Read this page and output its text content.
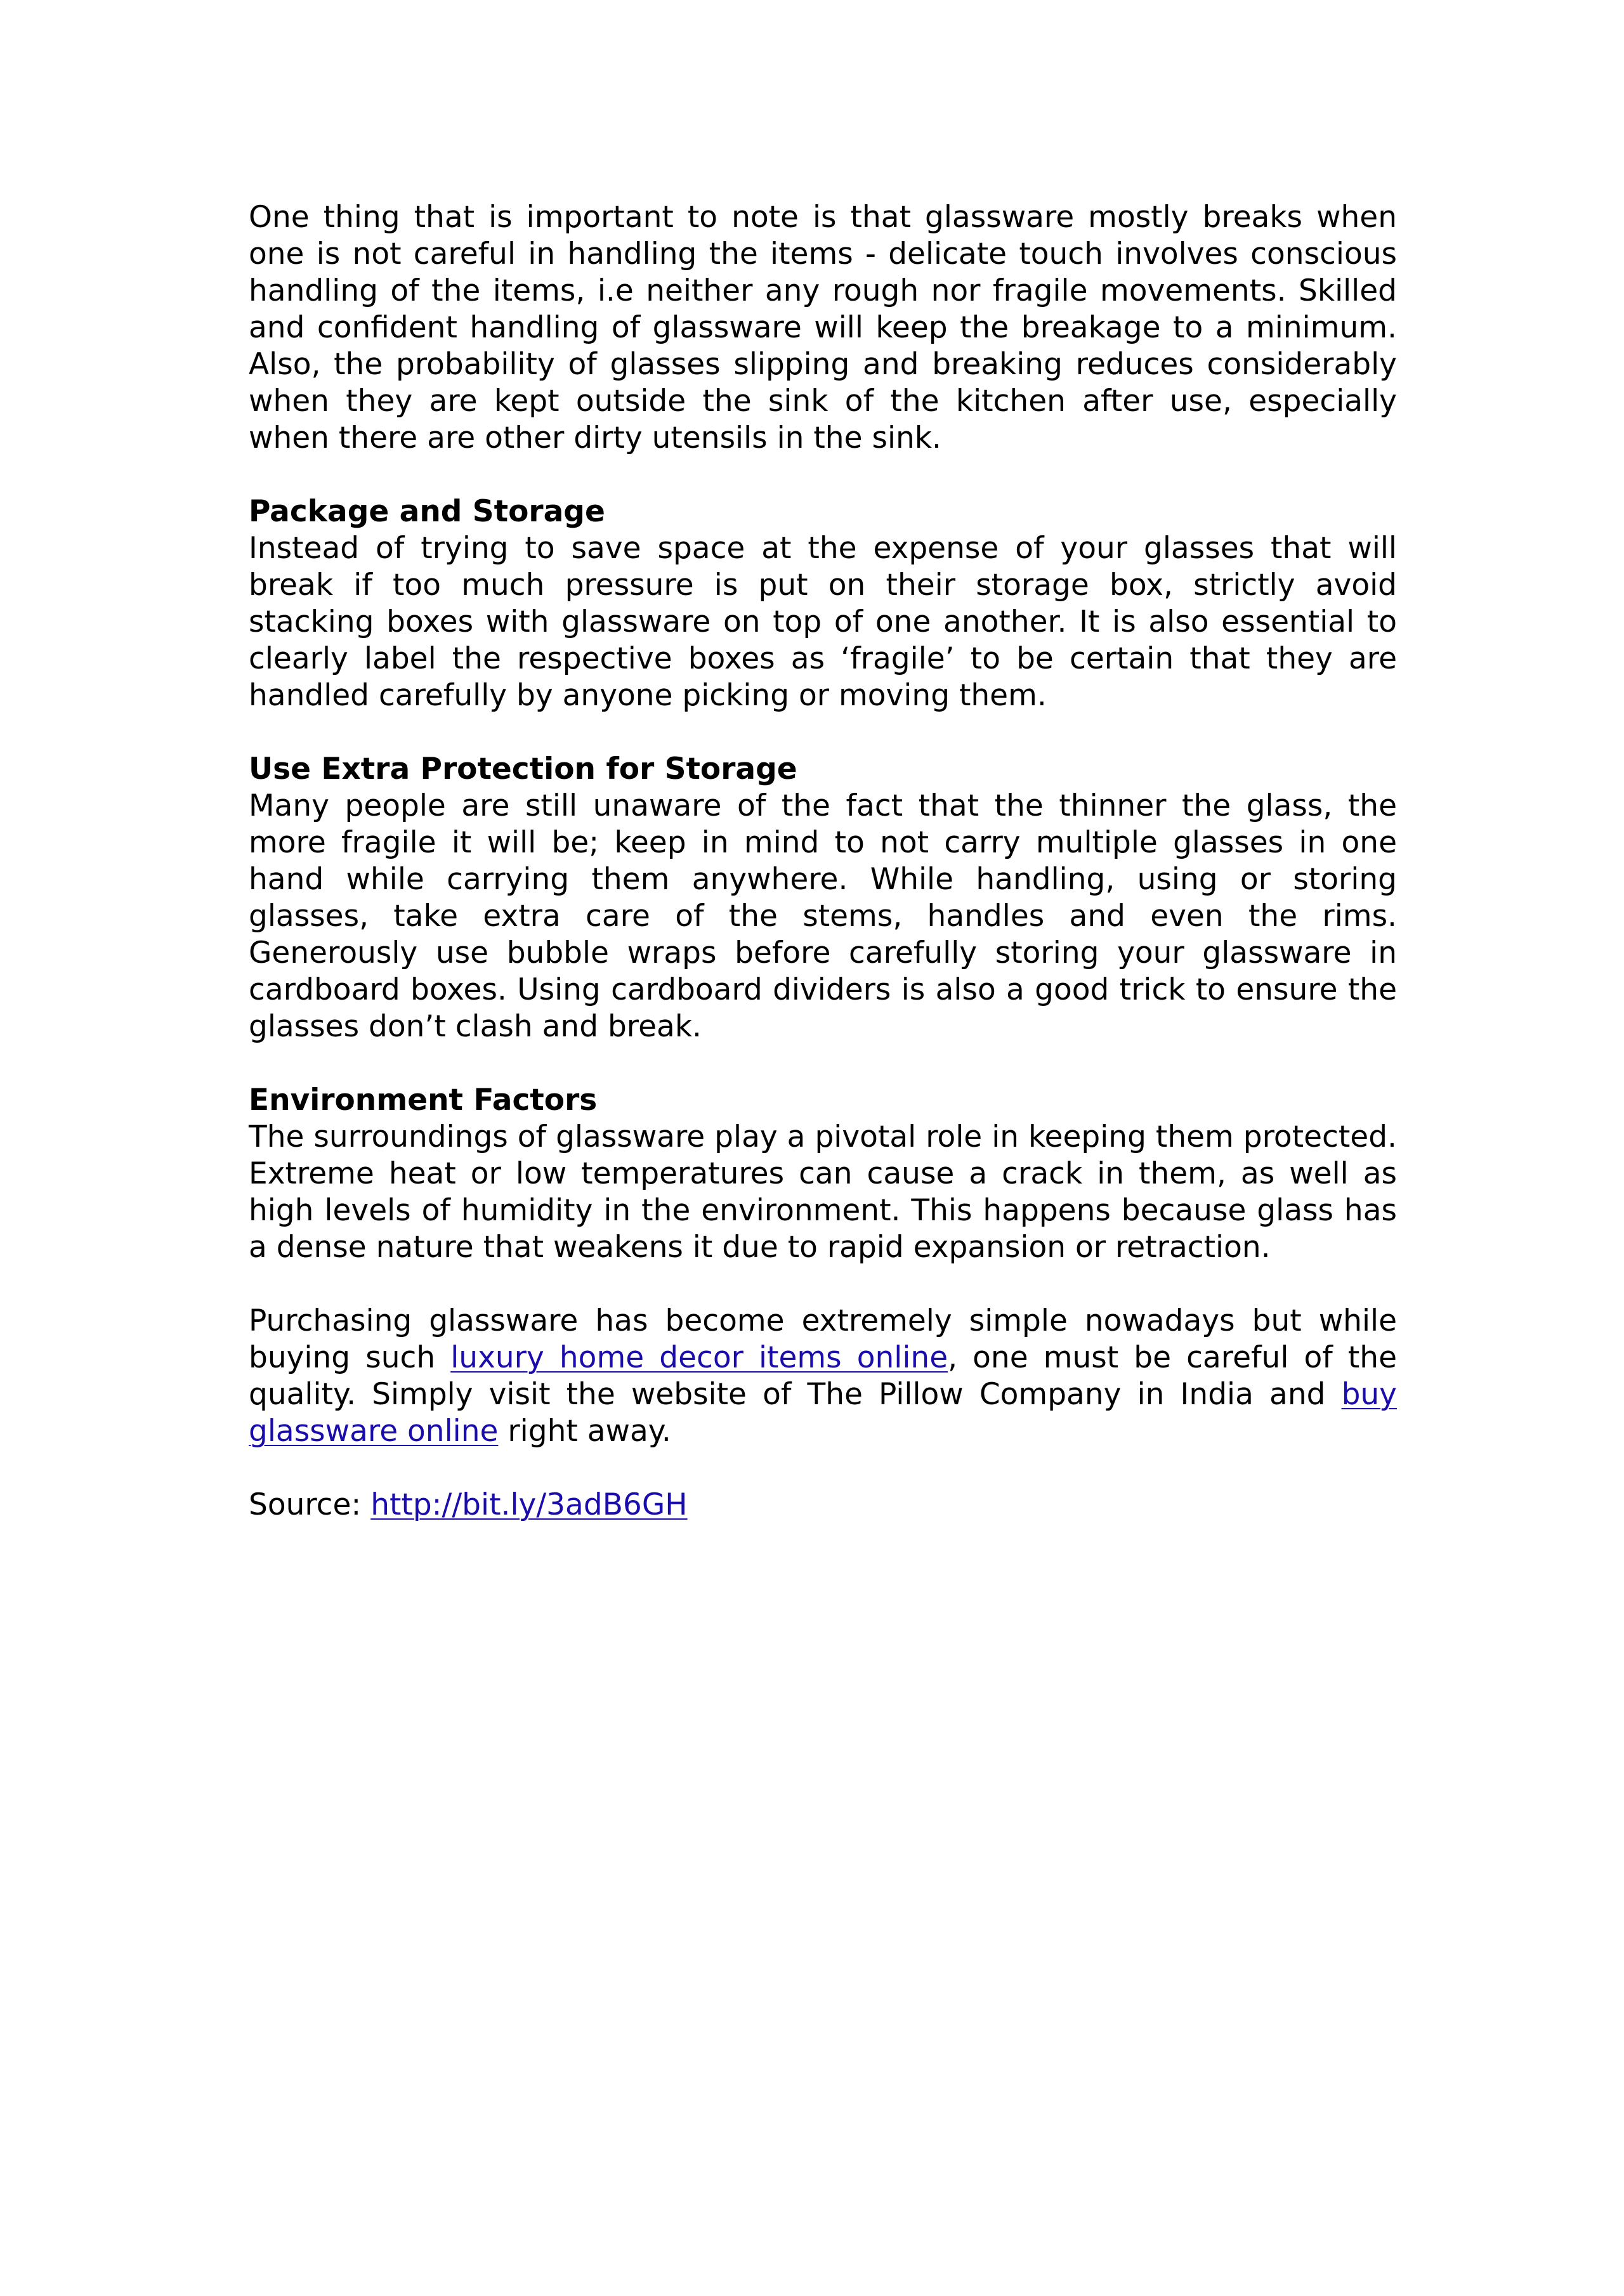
One thing that is important to note is that glassware mostly breaks when one is not careful in handling the items - delicate touch involves conscious handling of the items, i.e neither any rough nor fragile movements. Skilled and confident handling of glassware will keep the breakage to a minimum. Also, the probability of glasses slipping and breaking reduces considerably when they are kept outside the sink of the kitchen after use, especially when there are other dirty utensils in the sink.

Package and Storage
Instead of trying to save space at the expense of your glasses that will break if too much pressure is put on their storage box, strictly avoid stacking boxes with glassware on top of one another. It is also essential to clearly label the respective boxes as ‘fragile’ to be certain that they are handled carefully by anyone picking or moving them.
Use Extra Protection for Storage
Many people are still unaware of the fact that the thinner the glass, the more fragile it will be; keep in mind to not carry multiple glasses in one hand while carrying them anywhere. While handling, using or storing glasses, take extra care of the stems, handles and even the rims. Generously use bubble wraps before carefully storing your glassware in cardboard boxes. Using cardboard dividers is also a good trick to ensure the glasses don’t clash and break.
Environment Factors
The surroundings of glassware play a pivotal role in keeping them protected. Extreme heat or low temperatures can cause a crack in them, as well as high levels of humidity in the environment. This happens because glass has a dense nature that weakens it due to rapid expansion or retraction.

Purchasing glassware has become extremely simple nowadays but while buying such luxury home decor items online, one must be careful of the quality. Simply visit the website of The Pillow Company in India and buy glassware online right away.

Source: http://bit.ly/3adB6GH
